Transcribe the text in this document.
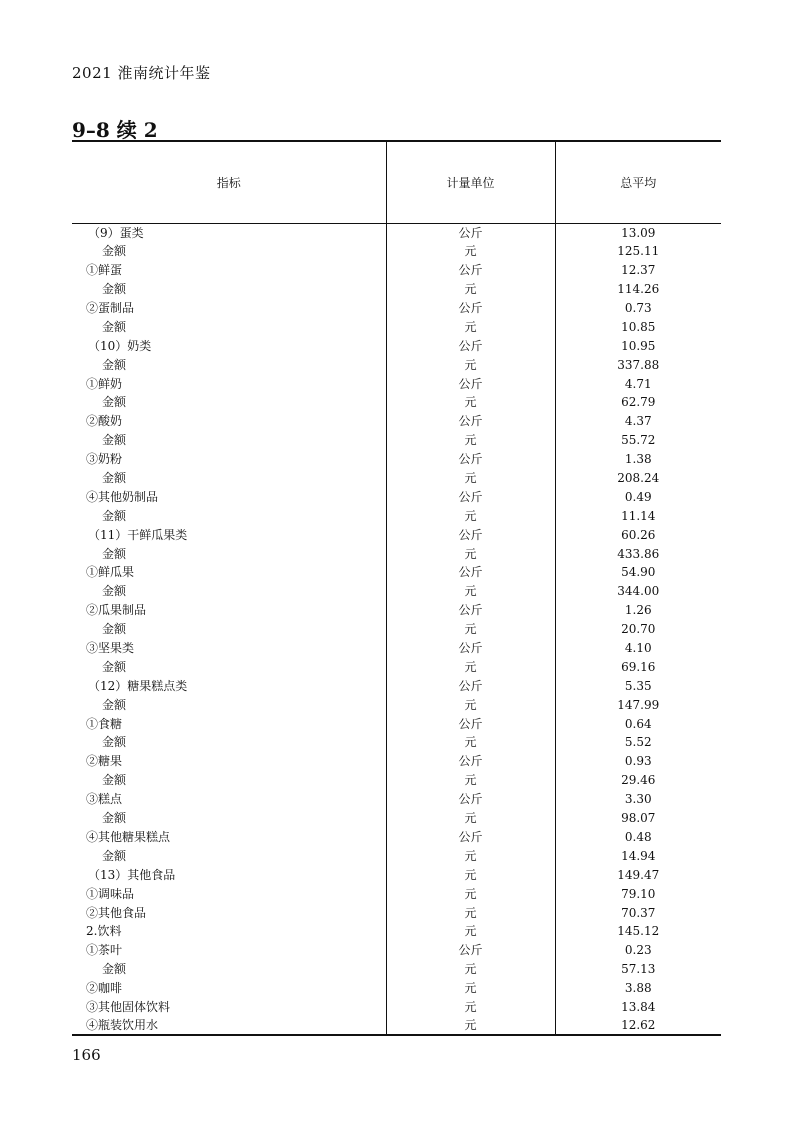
2021 淮南统计年鉴
9–8 续 2
指标	计量单位	总平均
（9）蛋类	公斤	13.09
金额	元	125.11
①鲜蛋	公斤	12.37
金额	元	114.26
②蛋制品	公斤	0.73
金额	元	10.85
（10）奶类	公斤	10.95
金额	元	337.88
①鲜奶	公斤	4.71
金额	元	62.79
②酸奶	公斤	4.37
金额	元	55.72
③奶粉	公斤	1.38
金额	元	208.24
④其他奶制品	公斤	0.49
金额	元	11.14
（11）干鲜瓜果类	公斤	60.26
金额	元	433.86
①鲜瓜果	公斤	54.90
金额	元	344.00
②瓜果制品	公斤	1.26
金额	元	20.70
③坚果类	公斤	4.10
金额	元	69.16
（12）糖果糕点类	公斤	5.35
金额	元	147.99
①食糖	公斤	0.64
金额	元	5.52
②糖果	公斤	0.93
金额	元	29.46
③糕点	公斤	3.30
金额	元	98.07
④其他糖果糕点	公斤	0.48
金额	元	14.94
（13）其他食品	元	149.47
①调味品	元	79.10
②其他食品	元	70.37
2.饮料	元	145.12
①茶叶	公斤	0.23
金额	元	57.13
②咖啡	元	3.88
③其他固体饮料	元	13.84
④瓶装饮用水	元	12.62
166
